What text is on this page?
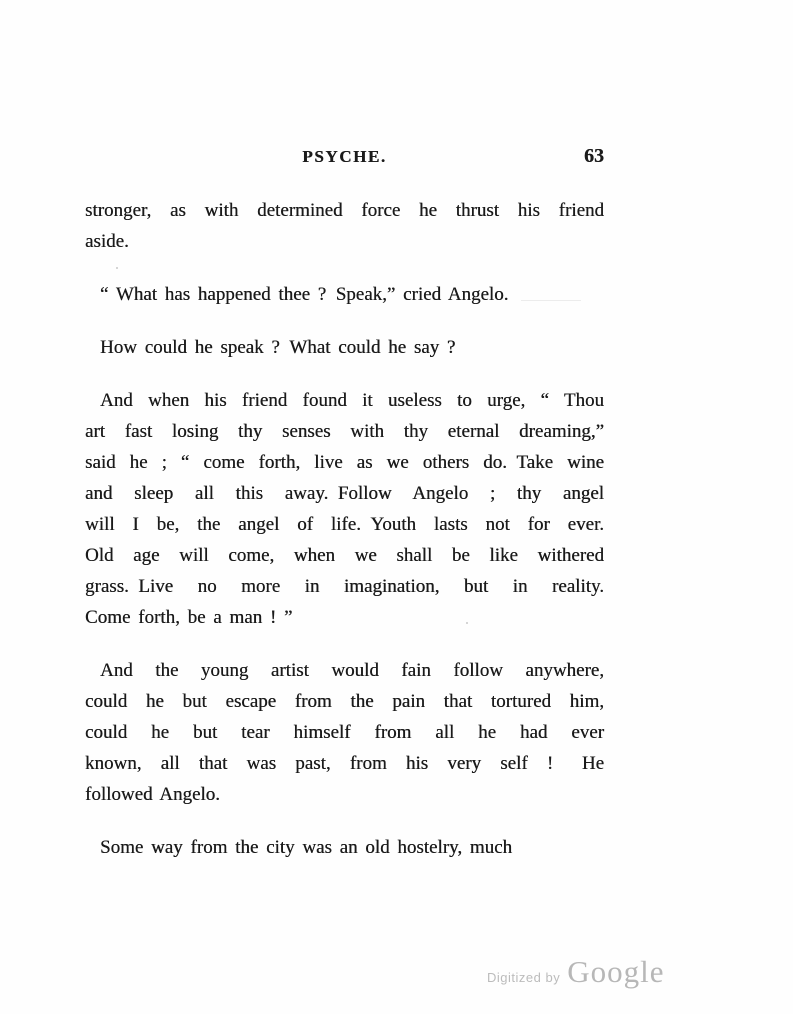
PSYCHE.	63
stronger, as with determined force he thrust his friend
aside.
“ What has happened thee ? Speak,” cried Angelo.
How could he speak ? What could he say ?
And when his friend found it useless to urge, “ Thou
art fast losing thy senses with thy eternal dreaming,”
said he ; “ come forth, live as we others do. Take wine
and sleep all this away. Follow Angelo ; thy angel
will I be, the angel of life. Youth lasts not for ever.
Old age will come, when we shall be like withered
grass. Live no more in imagination, but in reality.
Come forth, be a man ! ”
And the young artist would fain follow anywhere,
could he but escape from the pain that tortured him,
could he but tear himself from all he had ever
known, all that was past, from his very self !  He
followed Angelo.
Some way from the city was an old hostelry, much
Digitized by Google
